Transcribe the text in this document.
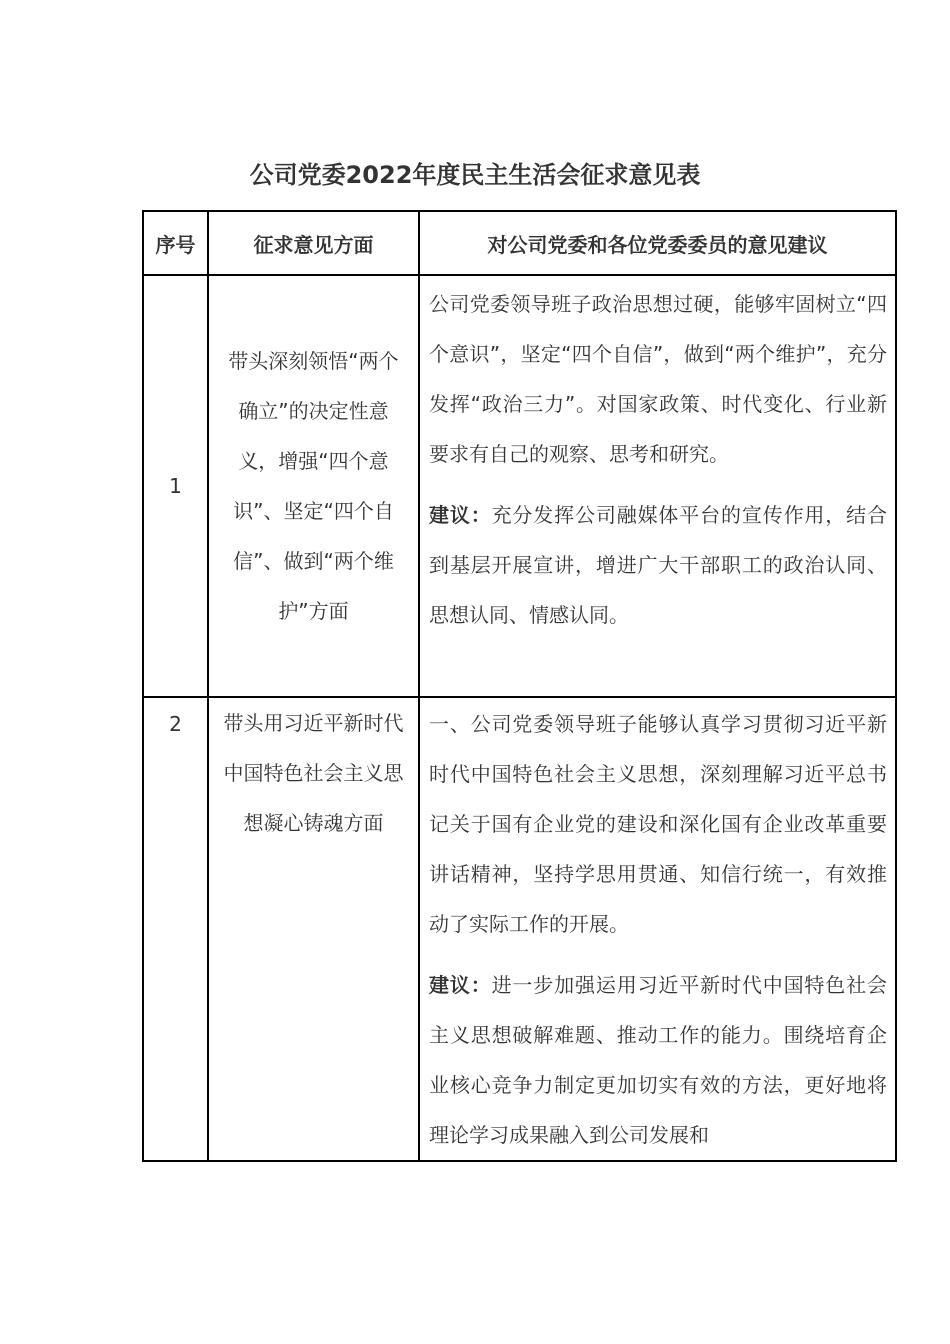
公司党委2022年度民主生活会征求意见表
序号	征求意见方面	对公司党委和各位党委委员的意见建议
1	带头深刻领悟“两个确立”的决定性意义，增强“四个意识”、坚定“四个自信”、做到“两个维护”方面	公司党委领导班子政治思想过硬，能够牢固树立“四个意识”，坚定“四个自信”，做到“两个维护”，充分发挥“政治三力”。对国家政策、时代变化、行业新要求有自己的观察、思考和研究。

建议：充分发挥公司融媒体平台的宣传作用，结合到基层开展宣讲，增进广大干部职工的政治认同、思想认同、情感认同。

2	带头用习近平新时代中国特色社会主义思想凝心铸魂方面	一、公司党委领导班子能够认真学习贯彻习近平新时代中国特色社会主义思想，深刻理解习近平总书记关于国有企业党的建设和深化国有企业改革重要讲话精神，坚持学思用贯通、知信行统一，有效推动了实际工作的开展。

建议：进一步加强运用习近平新时代中国特色社会主义思想破解难题、推动工作的能力。围绕培育企业核心竞争力制定更加切实有效的方法，更好地将理论学习成果融入到公司发展和
